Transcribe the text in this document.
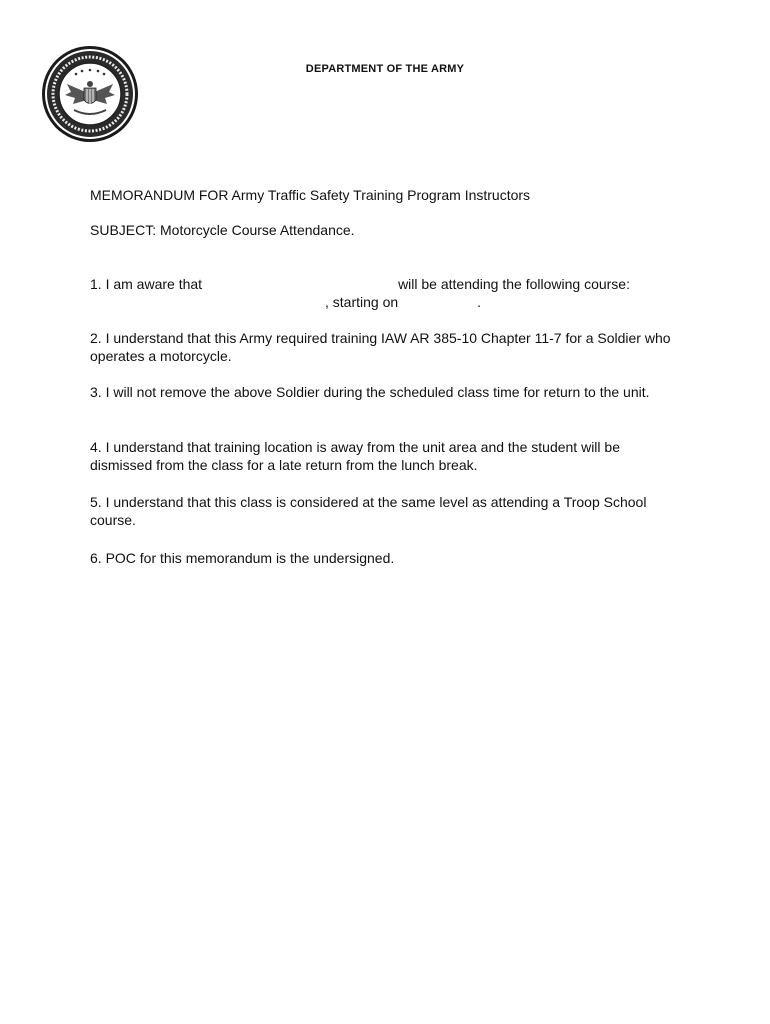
DEPARTMENT OF THE ARMY
MEMORANDUM FOR Army Traffic Safety Training Program Instructors
SUBJECT: Motorcycle Course Attendance.
1. I am aware that	will be attending the following course:
, starting on	.
2. I understand that this Army required training IAW AR 385-10 Chapter 11-7 for a Soldier who operates a motorcycle.
3. I will not remove the above Soldier during the scheduled class time for return to the unit.
4. I understand that training location is away from the unit area and the student will be dismissed from the class for a late return from the lunch break.
5. I understand that this class is considered at the same level as attending a Troop School course.
6. POC for this memorandum is the undersigned.
